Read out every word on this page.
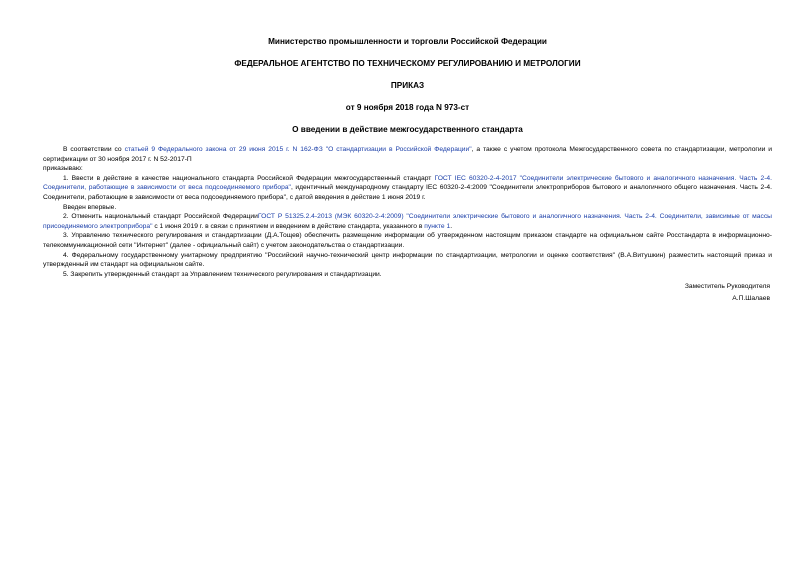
Министерство промышленности и торговли Российской Федерации
ФЕДЕРАЛЬНОЕ АГЕНТСТВО ПО ТЕХНИЧЕСКОМУ РЕГУЛИРОВАНИЮ И МЕТРОЛОГИИ
ПРИКАЗ
от 9 ноября 2018 года N 973-ст
О введении в действие межгосударственного стандарта

В соответствии со статьей 9 Федерального закона от 29 июня 2015 г. N 162-ФЗ "О стандартизации в Российской Федерации", а также с учетом протокола Межгосударственного совета по стандартизации, метрологии и сертификации от 30 ноября 2017 г. N 52-2017-П

приказываю:

1. Ввести в действие в качестве национального стандарта Российской Федерации межгосударственный стандарт ГОСТ IEC 60320-2-4-2017 "Соединители электрические бытового и аналогичного назначения. Часть 2-4. Соединители, работающие в зависимости от веса подсоединяемого прибора", идентичный международному стандарту IEC 60320-2-4:2009 "Соединители электроприборов бытового и аналогичного общего назначения. Часть 2-4. Соединители, работающие в зависимости от веса подсоединяемого прибора", с датой введения в действие 1 июня 2019 г.

Введен впервые.

2. Отменить национальный стандарт Российской ФедерацииГОСТ Р 51325.2.4-2013 (МЭК 60320-2-4:2009) "Соединители электрические бытового и аналогичного назначения. Часть 2-4. Соединители, зависимые от массы присоединяемого электроприбора" с 1 июня 2019 г. в связи с принятием и введением в действие стандарта, указанного в пункте 1.

3. Управлению технического регулирования и стандартизации (Д.А.Тощев) обеспечить размещение информации об утвержденном настоящим приказом стандарте на официальном сайте Росстандарта в информационно-телекоммуникационной сети "Интернет" (далее - официальный сайт) с учетом законодательства о стандартизации.

4. Федеральному государственному унитарному предприятию "Российский научно-технический центр информации по стандартизации, метрологии и оценке соответствия" (В.А.Витушкин) разместить настоящий приказ и утвержденный им стандарт на официальном сайте.

5. Закрепить утвержденный стандарт за Управлением технического регулирования и стандартизации.

Заместитель Руководителя
А.П.Шалаев
